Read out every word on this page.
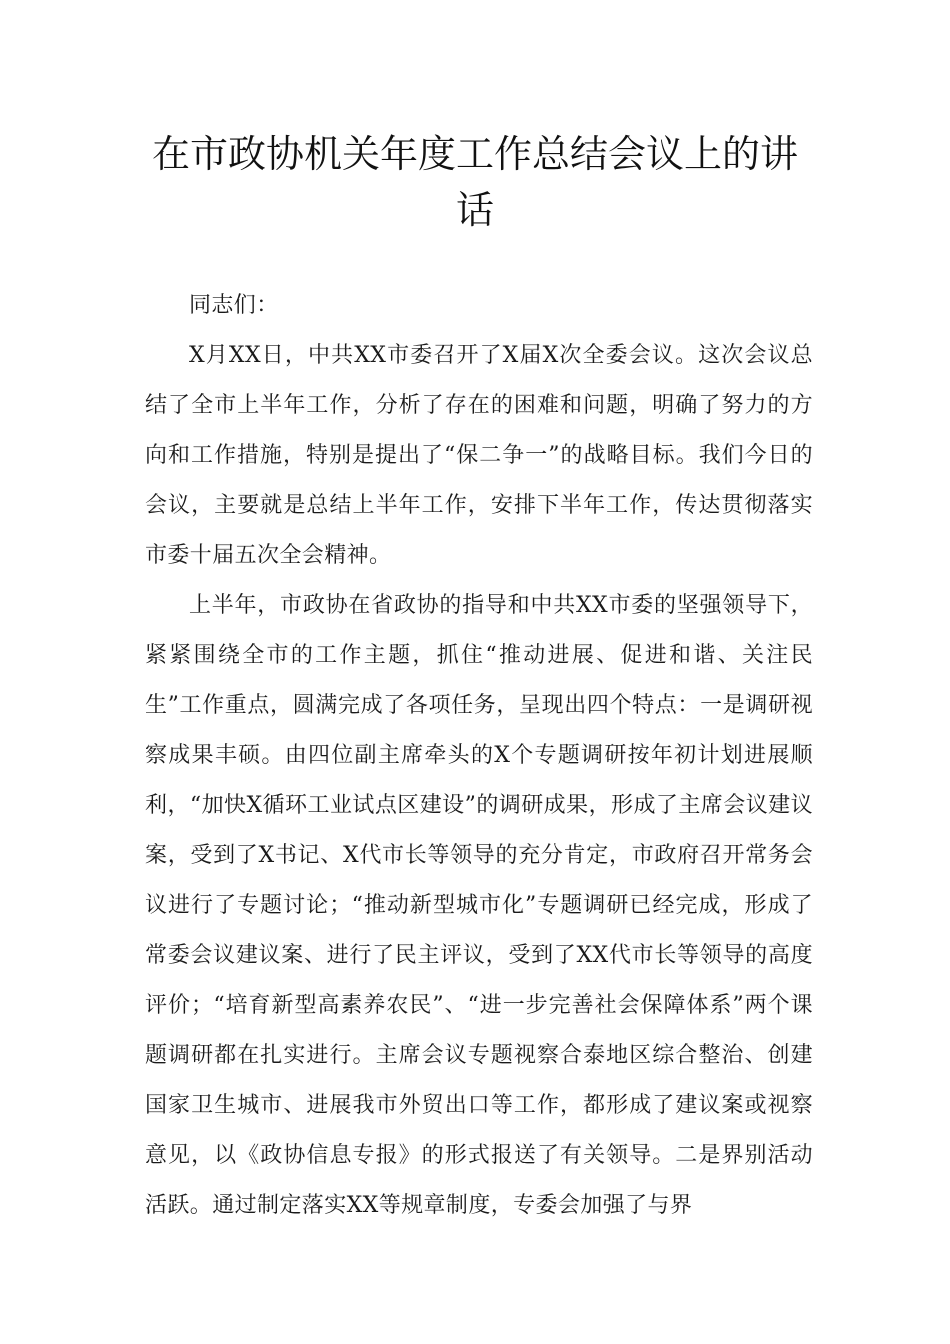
在市政协机关年度工作总结会议上的讲话

同志们：

X月XX日，中共XX市委召开了X届X次全委会议。这次会议总结了全市上半年工作，分析了存在的困难和问题，明确了努力的方向和工作措施，特别是提出了“保二争一”的战略目标。我们今日的会议，主要就是总结上半年工作，安排下半年工作，传达贯彻落实市委十届五次全会精神。

上半年，市政协在省政协的指导和中共XX市委的坚强领导下，紧紧围绕全市的工作主题，抓住“推动进展、促进和谐、关注民生”工作重点，圆满完成了各项任务，呈现出四个特点：一是调研视察成果丰硕。由四位副主席牵头的X个专题调研按年初计划进展顺利，“加快X循环工业试点区建设”的调研成果，形成了主席会议建议案，受到了X书记、X代市长等领导的充分肯定，市政府召开常务会议进行了专题讨论；“推动新型城市化”专题调研已经完成，形成了常委会议建议案、进行了民主评议，受到了XX代市长等领导的高度评价；“培育新型高素养农民”、“进一步完善社会保障体系”两个课题调研都在扎实进行。主席会议专题视察合泰地区综合整治、创建国家卫生城市、进展我市外贸出口等工作，都形成了建议案或视察意见，以《政协信息专报》的形式报送了有关领导。二是界别活动活跃。通过制定落实XX等规章制度，专委会加强了与界
